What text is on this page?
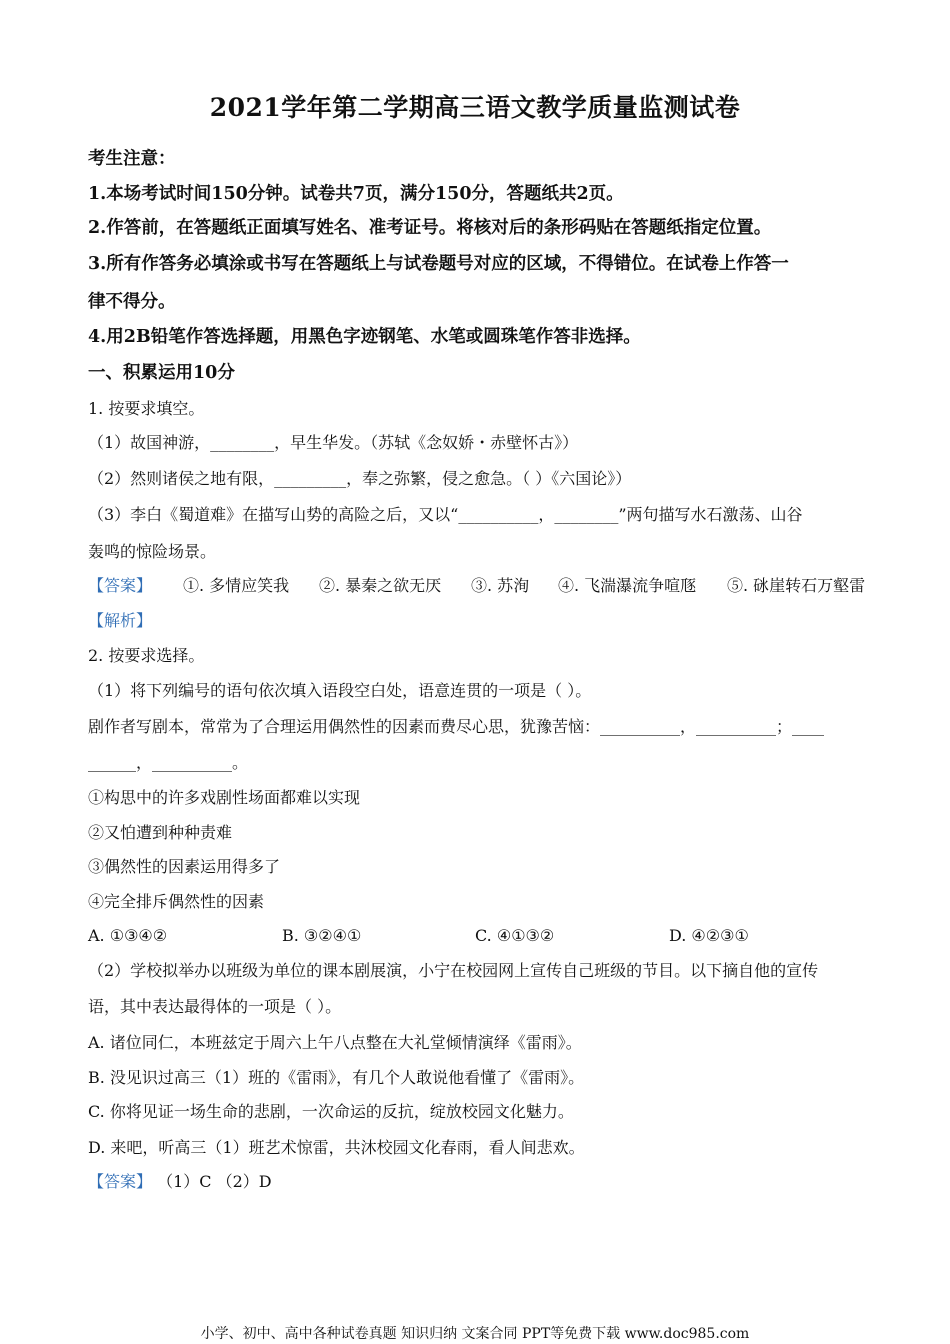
2021学年第二学期高三语文教学质量监测试卷
考生注意：
1.本场考试时间150分钟。试卷共7页，满分150分，答题纸共2页。
2.作答前，在答题纸正面填写姓名、准考证号。将核对后的条形码贴在答题纸指定位置。
3.所有作答务必填涂或书写在答题纸上与试卷题号对应的区域，不得错位。在试卷上作答一
律不得分。
4.用2B铅笔作答选择题，用黑色字迹钢笔、水笔或圆珠笔作答非选择。
一、积累运用10分
1. 按要求填空。
（1）故国神游，________，早生华发。（苏轼《念奴娇・赤壁怀古》）
（2）然则诸侯之地有限，_________，奉之弥繁，侵之愈急。（ ）《六国论》）
（3）李白《蜀道难》在描写山势的高险之后，又以“__________，________”两句描写水石激荡、山谷
轰鸣的惊险场景。
【答案】 ①. 多情应笑我 ②. 暴秦之欲无厌 ③. 苏洵 ④. 飞湍瀑流争喧豗 ⑤. 砯崖转石万壑雷
【解析】
2. 按要求选择。
（1）将下列编号的语句依次填入语段空白处，语意连贯的一项是（ ）。
剧作者写剧本，常常为了合理运用偶然性的因素而费尽心思，犹豫苦恼：__________，__________；____
______，__________。
①构思中的许多戏剧性场面都难以实现
②又怕遭到种种责难
③偶然性的因素运用得多了
④完全排斥偶然性的因素
A. ①③④②	B. ③②④①	C. ④①③②	D. ④②③①
（2）学校拟举办以班级为单位的课本剧展演，小宁在校园网上宣传自己班级的节目。以下摘自他的宣传
语，其中表达最得体的一项是（ ）。
A. 诸位同仁，本班兹定于周六上午八点整在大礼堂倾情演绎《雷雨》。
B. 没见识过高三（1）班的《雷雨》，有几个人敢说他看懂了《雷雨》。
C. 你将见证一场生命的悲剧，一次命运的反抗，绽放校园文化魅力。
D. 来吧，听高三（1）班艺术惊雷，共沐校园文化春雨，看人间悲欢。
【答案】 （1）C （2）D
小学、初中、高中各种试卷真题 知识归纳 文案合同 PPT等免费下载 www.doc985.com
